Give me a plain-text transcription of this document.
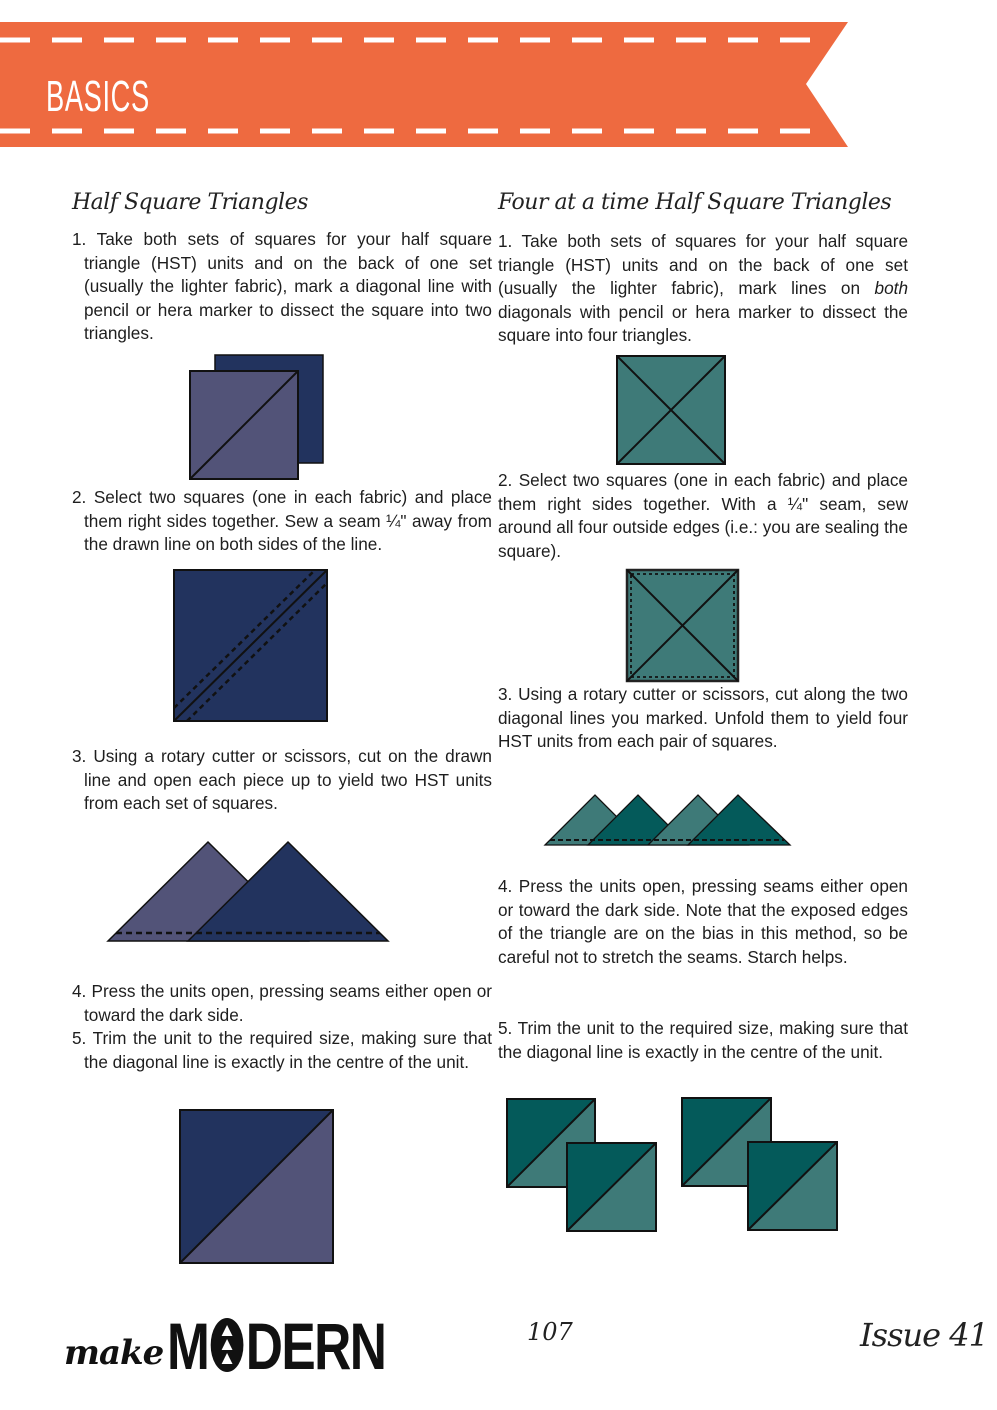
BASICS
Half Square Triangles
1. Take both sets of squares for your half square triangle (HST) units and on the back of one set (usually the lighter fabric), mark a diagonal line with pencil or hera marker to dissect the square into two triangles.
2. Select two squares (one in each fabric) and place them right sides together. Sew a seam ¼" away from the drawn line on both sides of the line.
3. Using a rotary cutter or scissors, cut on the drawn line and open each piece up to yield two HST units from each set of squares.
4. Press the units open, pressing seams either open or toward the dark side.
5. Trim the unit to the required size, making sure that the diagonal line is exactly in the centre of the unit.
Four at a time Half Square Triangles
1. Take both sets of squares for your half square triangle (HST) units and on the back of one set (usually the lighter fabric), mark lines on both diagonals with pencil or hera marker to dissect the square into four triangles.
2. Select two squares (one in each fabric) and place them right sides together. With a ¼" seam, sew around all four outside edges (i.e.: you are sealing the square).
3. Using a rotary cutter or scissors, cut along the two diagonal lines you marked. Unfold them to yield four HST units from each pair of squares.
4. Press the units open, pressing seams either open or toward the dark side. Note that the exposed edges of the triangle are on the bias in this method, so be careful not to stretch the seams. Starch helps.
5. Trim the unit to the required size, making sure that the diagonal line is exactly in the centre of the unit.
make M DERN	107	Issue 41
